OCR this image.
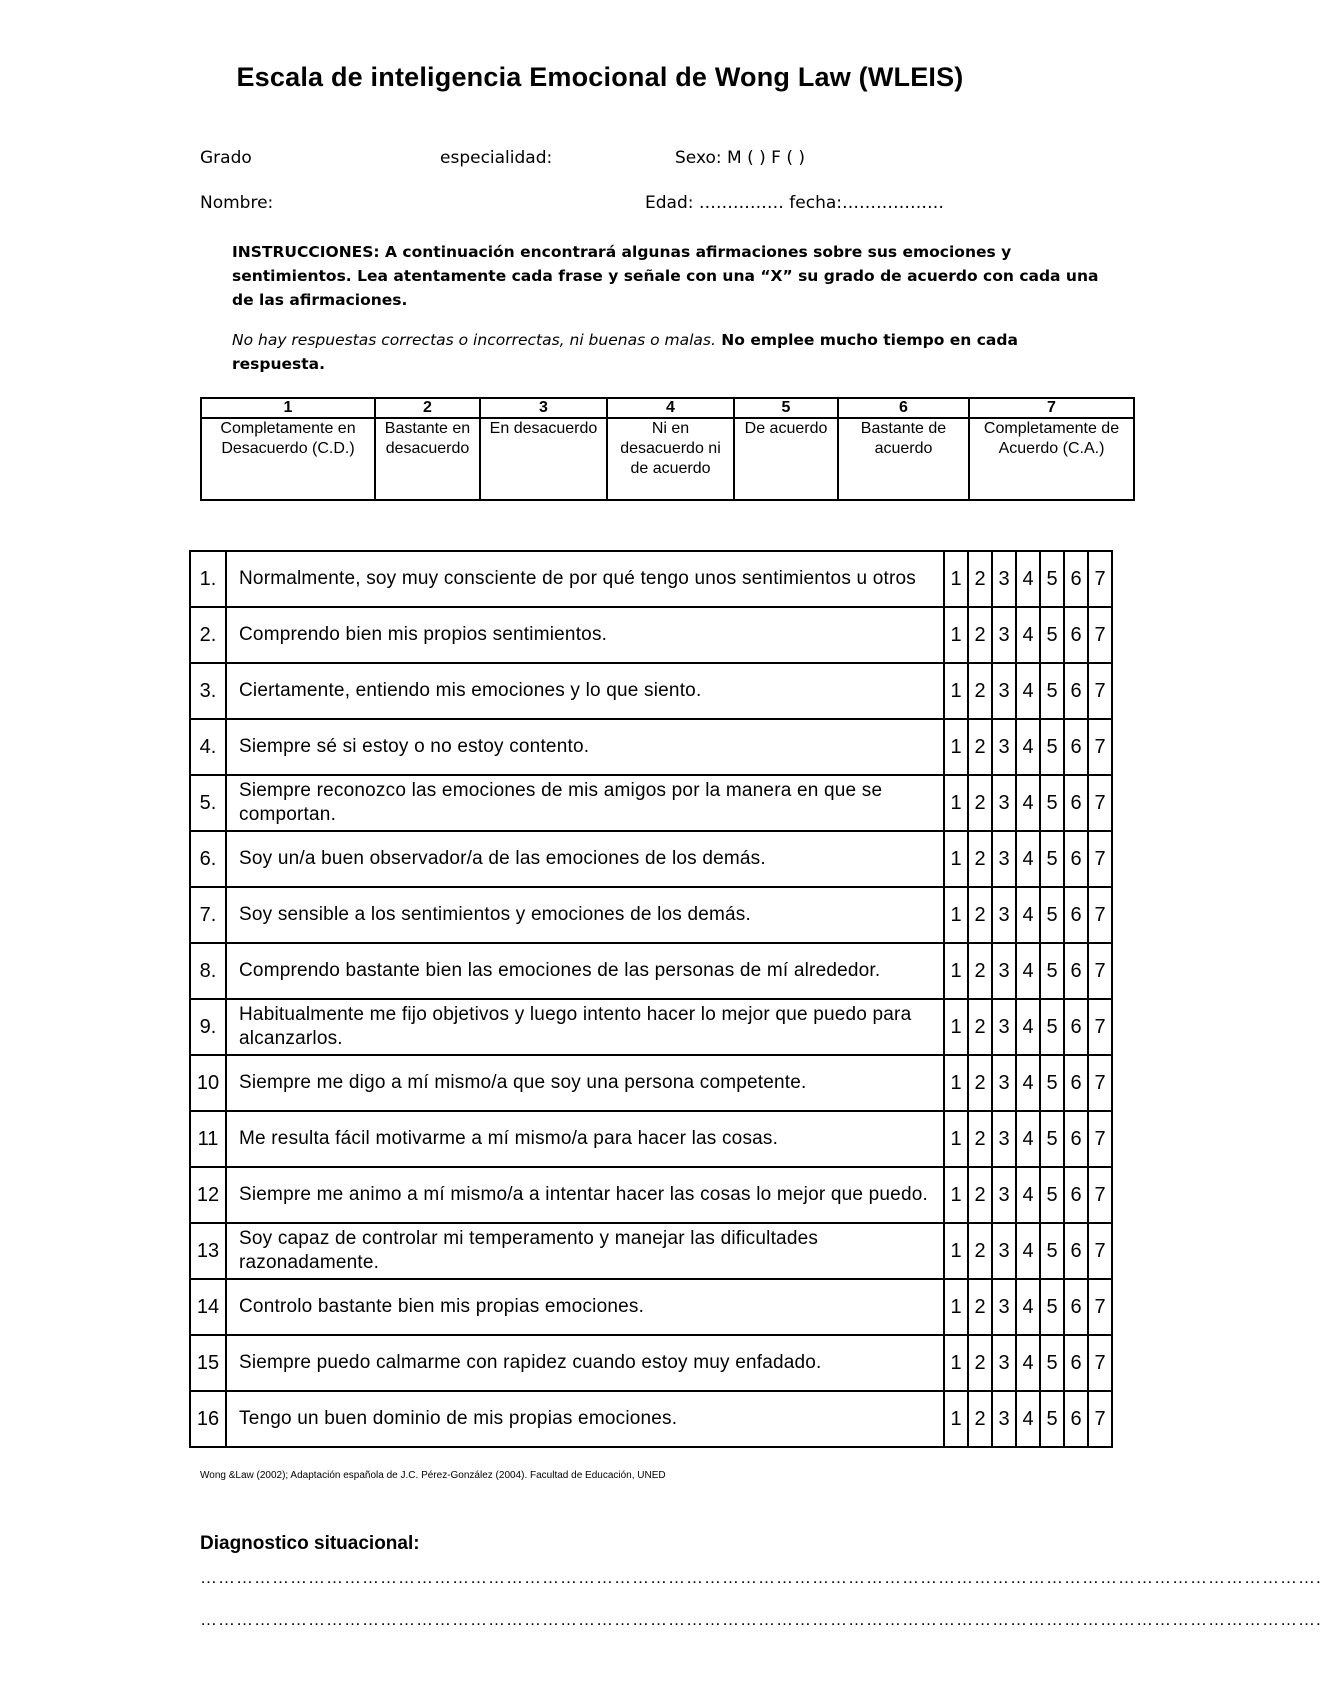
Escala de inteligencia Emocional de Wong Law (WLEIS)
Grado	especialidad:	Sexo: M ( ) F ( )
Nombre:	Edad: …………… fecha:………………

INSTRUCCIONES: A continuación encontrará algunas afirmaciones sobre sus emociones y sentimientos. Lea atentamente cada frase y señale con una “X” su grado de acuerdo con cada una de las afirmaciones.

No hay respuestas correctas o incorrectas, ni buenas o malas. No emplee mucho tiempo en cada respuesta.

1	2	3	4	5	6	7
Completamente en Desacuerdo (C.D.)	Bastante en desacuerdo	En desacuerdo	Ni en desacuerdo ni de acuerdo	De acuerdo	Bastante de acuerdo	Completamente de Acuerdo (C.A.)
1.	Normalmente, soy muy consciente de por qué tengo unos sentimientos u otros	1	2	3	4	5	6	7

2.	Comprendo bien mis propios sentimientos.	1	2	3	4	5	6	7

3.	Ciertamente, entiendo mis emociones y lo que siento.	1	2	3	4	5	6	7

4.	Siempre sé si estoy o no estoy contento.	1	2	3	4	5	6	7

5.	Siempre reconozco las emociones de mis amigos por la manera en que se comportan.	1	2	3	4	5	6	7

6.	Soy un/a buen observador/a de las emociones de los demás.	1	2	3	4	5	6	7

7.	Soy sensible a los sentimientos y emociones de los demás.	1	2	3	4	5	6	7

8.	Comprendo bastante bien las emociones de las personas de mí alrededor.	1	2	3	4	5	6	7

9.	Habitualmente me fijo objetivos y luego intento hacer lo mejor que puedo para alcanzarlos.	1	2	3	4	5	6	7

10	Siempre me digo a mí mismo/a que soy una persona competente.	1	2	3	4	5	6	7

11	Me resulta fácil motivarme a mí mismo/a para hacer las cosas.	1	2	3	4	5	6	7

12	Siempre me animo a mí mismo/a a intentar hacer las cosas lo mejor que puedo.	1	2	3	4	5	6	7

13	Soy capaz de controlar mi temperamento y manejar las dificultades razonadamente.	1	2	3	4	5	6	7

14	Controlo bastante bien mis propias emociones.	1	2	3	4	5	6	7

15	Siempre puedo calmarme con rapidez cuando estoy muy enfadado.	1	2	3	4	5	6	7

16	Tengo un buen dominio de mis propias emociones.	1	2	3	4	5	6	7
Wong &Law (2002); Adaptación española de J.C. Pérez-González (2004). Facultad de Educación, UNED
Diagnostico situacional:
…………………………………………………………………………………………………………………………………………………………………….
…………………………………………………………………………………………………………………………………………………………………….
